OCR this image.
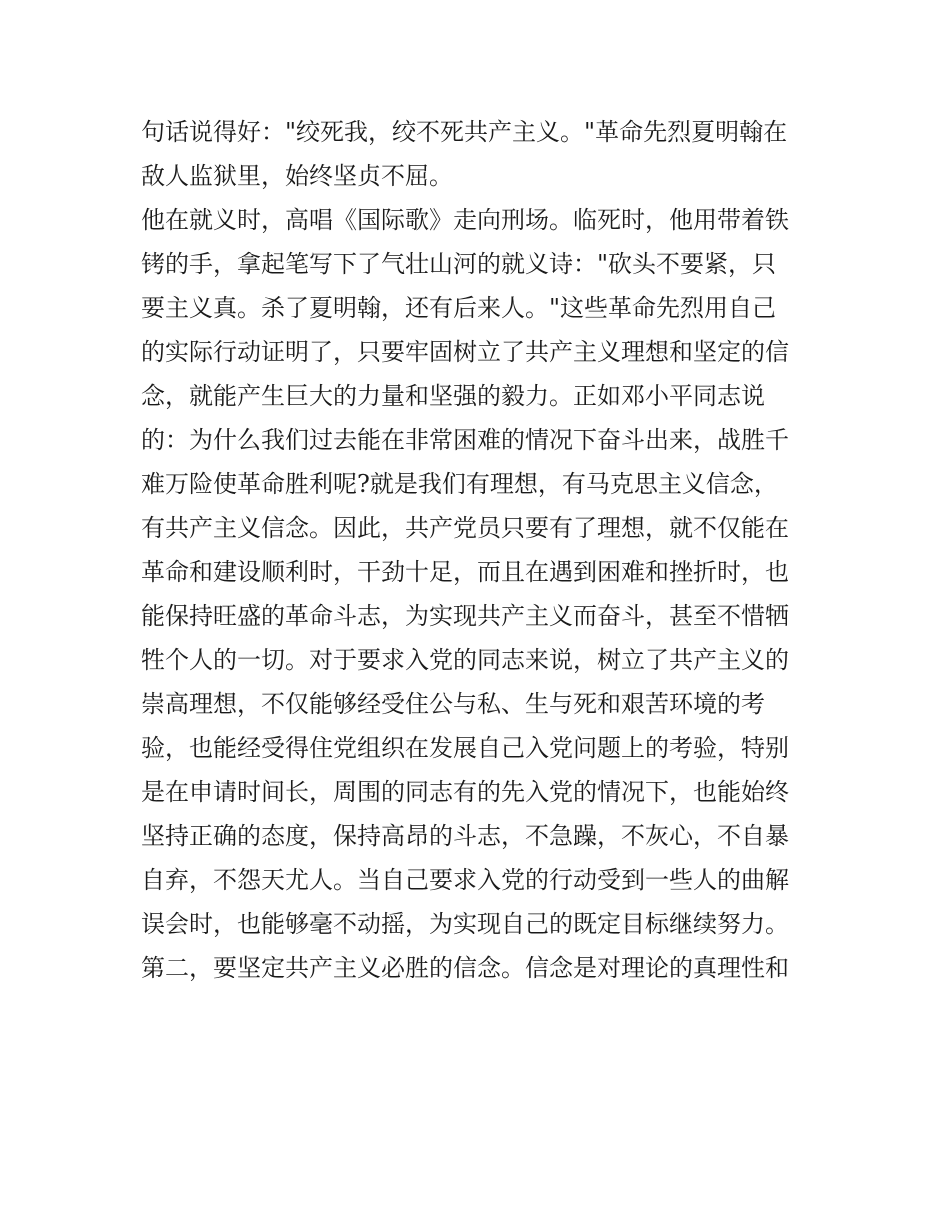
句话说得好："绞死我，绞不死共产主义。"革命先烈夏明翰在
敌人监狱里，始终坚贞不屈。
他在就义时，高唱《国际歌》走向刑场。临死时，他用带着铁
铐的手，拿起笔写下了气壮山河的就义诗："砍头不要紧，只
要主义真。杀了夏明翰，还有后来人。"这些革命先烈用自己
的实际行动证明了，只要牢固树立了共产主义理想和坚定的信
念，就能产生巨大的力量和坚强的毅力。正如邓小平同志说
的：为什么我们过去能在非常困难的情况下奋斗出来，战胜千
难万险使革命胜利呢?就是我们有理想，有马克思主义信念，
有共产主义信念。因此，共产党员只要有了理想，就不仅能在
革命和建设顺利时，干劲十足，而且在遇到困难和挫折时，也
能保持旺盛的革命斗志，为实现共产主义而奋斗，甚至不惜牺
牲个人的一切。对于要求入党的同志来说，树立了共产主义的
崇高理想，不仅能够经受住公与私、生与死和艰苦环境的考
验，也能经受得住党组织在发展自己入党问题上的考验，特别
是在申请时间长，周围的同志有的先入党的情况下，也能始终
坚持正确的态度，保持高昂的斗志，不急躁，不灰心，不自暴
自弃，不怨天尤人。当自己要求入党的行动受到一些人的曲解
误会时，也能够毫不动摇，为实现自己的既定目标继续努力。
第二，要坚定共产主义必胜的信念。信念是对理论的真理性和
